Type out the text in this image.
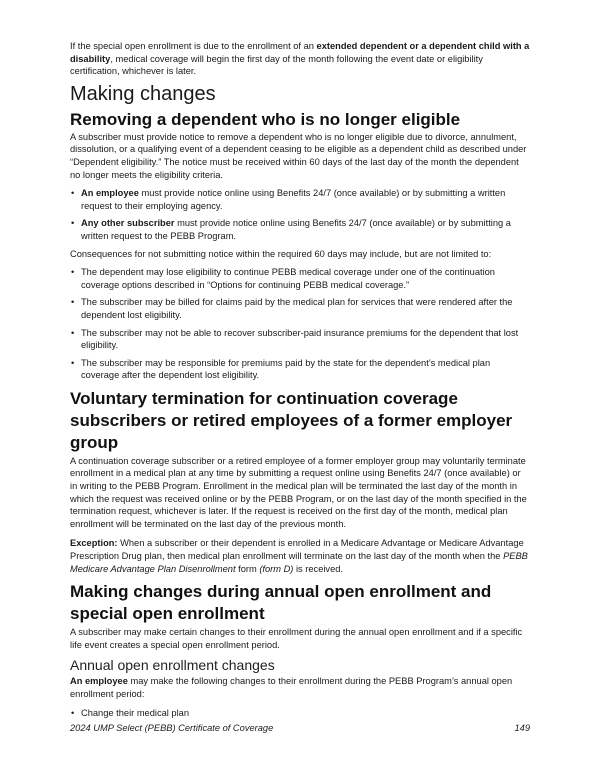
If the special open enrollment is due to the enrollment of an extended dependent or a dependent child with a disability, medical coverage will begin the first day of the month following the event date or eligibility certification, whichever is later.

Making changes
Removing a dependent who is no longer eligible

A subscriber must provide notice to remove a dependent who is no longer eligible due to divorce, annulment, dissolution, or a qualifying event of a dependent ceasing to be eligible as a dependent child as described under “Dependent eligibility.” The notice must be received within 60 days of the last day of the month the dependent no longer meets the eligibility criteria.

• An employee must provide notice online using Benefits 24/7 (once available) or by submitting a written request to their employing agency.
• Any other subscriber must provide notice online using Benefits 24/7 (once available) or by submitting a written request to the PEBB Program.

Consequences for not submitting notice within the required 60 days may include, but are not limited to:

• The dependent may lose eligibility to continue PEBB medical coverage under one of the continuation coverage options described in “Options for continuing PEBB medical coverage.”
• The subscriber may be billed for claims paid by the medical plan for services that were rendered after the dependent lost eligibility.
• The subscriber may not be able to recover subscriber-paid insurance premiums for the dependent that lost eligibility.
• The subscriber may be responsible for premiums paid by the state for the dependent’s medical plan coverage after the dependent lost eligibility.
Voluntary termination for continuation coverage subscribers or retired employees of a former employer group

A continuation coverage subscriber or a retired employee of a former employer group may voluntarily terminate enrollment in a medical plan at any time by submitting a request online using Benefits 24/7 (once available) or in writing to the PEBB Program. Enrollment in the medical plan will be terminated the last day of the month in which the request was received online or by the PEBB Program, or on the last day of the month specified in the termination request, whichever is later. If the request is received on the first day of the month, medical plan enrollment will be terminated on the last day of the previous month.

Exception: When a subscriber or their dependent is enrolled in a Medicare Advantage or Medicare Advantage Prescription Drug plan, then medical plan enrollment will terminate on the last day of the month when the PEBB Medicare Advantage Plan Disenrollment form (form D) is received.

Making changes during annual open enrollment and special open enrollment

A subscriber may make certain changes to their enrollment during the annual open enrollment and if a specific life event creates a special open enrollment period.

Annual open enrollment changes

An employee may make the following changes to their enrollment during the PEBB Program’s annual open enrollment period:

• Change their medical plan
2024 UMP Select (PEBB) Certificate of Coverage	149
